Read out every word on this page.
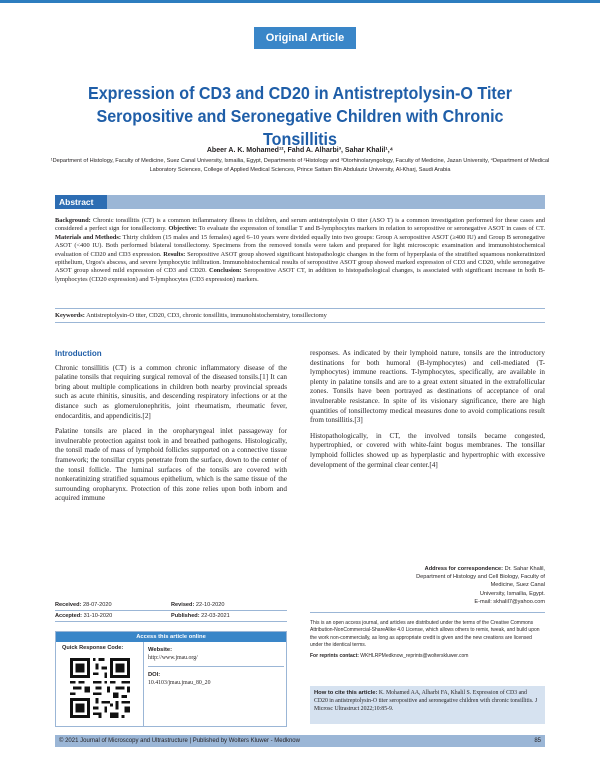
Original Article
Expression of CD3 and CD20 in Antistreptolysin-O Titer
Seropositive and Seronegative Children with Chronic Tonsillitis
Abeer A. K. Mohamed¹², Fahd A. Alharbi³, Sahar Khalil¹,⁴
¹Department of Histology, Faculty of Medicine, Suez Canal University, Ismailia, Egypt, Departments of ²Histology and ³Otorhinolaryngology, Faculty of Medicine, Jazan University, ⁴Department of Medical Laboratory Sciences, College of Applied Medical Sciences, Prince Sattam Bin Abdulaziz University, Al-Kharj, Saudi Arabia
Abstract
Background: Chronic tonsillitis (CT) is a common inflammatory illness in children, and serum antistreptolysin O titer (ASO T) is a common investigation performed for these cases and considered a perfect sign for tonsillectomy. Objective: To evaluate the expression of tonsillar T and B-lymphocytes markers in relation to seropositive or seronegative ASOT in cases of CT. Materials and Methods: Thirty children (15 males and 15 females) aged 6–10 years were divided equally into two groups: Group A seropositive ASOT (≥400 IU) and Group B seronegative ASOT (<400 IU). Both performed bilateral tonsillectomy. Specimens from the removed tonsils were taken and prepared for light microscopic examination and immunohistochemical evaluation of CD20 and CD3 expression. Results: Seropositive ASOT group showed significant histopathologic changes in the form of hyperplasia of the stratified squamous nonkeratinized epithelium, Urgos's abscess, and severe lymphocytic infiltration. Immunohistochemical results of seropositive ASOT group showed marked expression of CD3 and CD20, while seronegative ASOT group showed mild expression of CD3 and CD20. Conclusion: Seropositive ASOT CT, in addition to histopathological changes, is associated with significant increase in both B-lymphocytes (CD20 expression) and T-lymphocytes (CD3 expression) markers.
Keywords: Antistreptolysin-O titer, CD20, CD3, chronic tonsillitis, immunohistochemistry, tonsillectomy
Introduction

Chronic tonsillitis (CT) is a common chronic inflammatory disease of the palatine tonsils that requiring surgical removal of the diseased tonsils.[1] It can bring about multiple complications in children both nearby provincial spreads such as acute rhinitis, sinusitis, and descending respiratory infections or at the distance such as glomerulonephritis, joint rheumatism, rheumatic fever, endocarditis, and appendicitis.[2]

Palatine tonsils are placed in the oropharyngeal inlet passageway for invulnerable protection against took in and breathed pathogens. Histologically, the tonsil made of mass of lymphoid follicles supported on a connective tissue framework; the tonsillar crypts penetrate from the surface, down to the center of the tonsil follicle. The luminal surfaces of the tonsils are covered with nonkeratinizing stratified squamous epithelium, which is the same tissue of the surrounding oropharynx. Protection of this zone relies upon both inborn and acquired immune

responses. As indicated by their lymphoid nature, tonsils are the introductory destinations for both humoral (B-lymphocytes) and cell-mediated (T-lymphocytes) immune reactions. T-lymphocytes, specifically, are available in plenty in palatine tonsils and are to a great extent situated in the extrafollicular zones. Tonsils have been portrayed as destinations of acceptance of oral invulnerable resistance. In spite of its visionary significance, there are high quantities of tonsillectomy medical measures done to avoid complications result from tonsillitis.[3]

Histopathologically, in CT, the involved tonsils became congested, hypertrophied, or covered with white-faint bogus membranes. The tonsillar lymphoid follicles showed up as hyperplastic and hypertrophic with excessive development of the germinal clear center.[4]

Address for correspondence: Dr. Sahar Khalil,
Department of Histology and Cell Biology, Faculty of Medicine, Suez Canal
University, Ismailia, Egypt.
E-mail: skhalil7@yahoo.com
Received: 28-07-2020	Revised: 22-10-2020
Accepted: 31-10-2020	Published: 22-03-2021
Access this article online
Quick Response Code:	Website:
http://www.jmau.org/
DOI:
10.4103/jmau.jmau_80_20
This is an open access journal, and articles are distributed under the terms of the Creative Commons Attribution-NonCommercial-ShareAlike 4.0 License, which allows others to remix, tweak, and build upon the work non-commercially, as long as appropriate credit is given and the new creations are licensed under the identical terms.
For reprints contact: WKHLRPMedknow_reprints@wolterskluwer.com
How to cite this article: K. Mohamed AA, Alharbi FA, Khalil S. Expression of CD3 and CD20 in antistreptolysin-O titer seropositive and seronegative children with chronic tonsillitis. J Microsc Ultrastruct 2022;10:85-9.
© 2021 Journal of Microscopy and Ultrastructure | Published by Wolters Kluwer - Medknow	85
